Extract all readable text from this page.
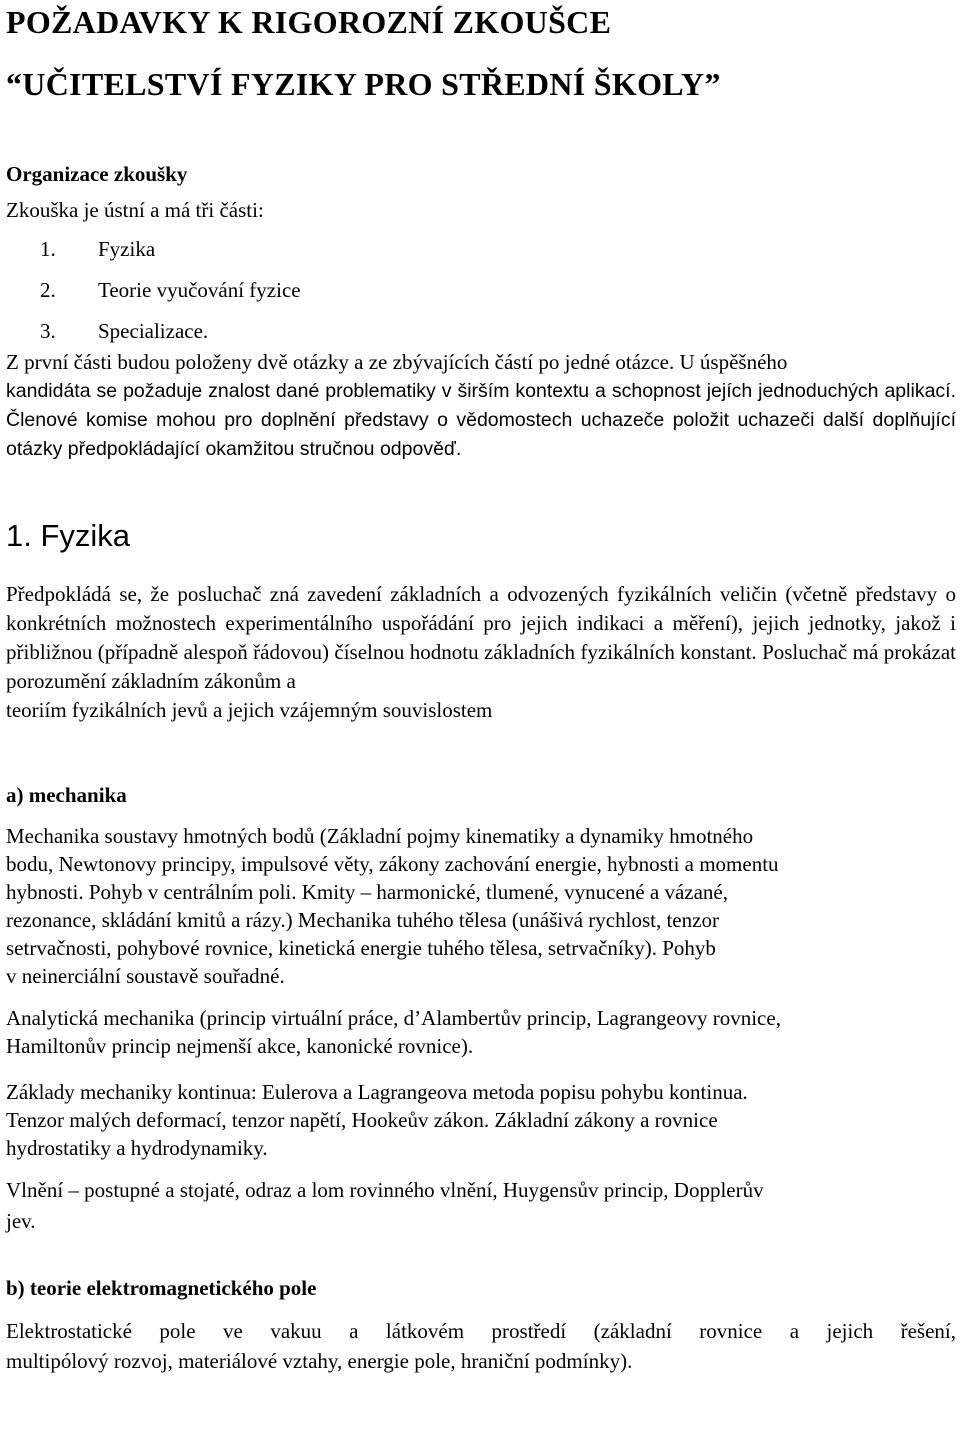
POŽADAVKY K RIGOROZNÍ ZKOUŠCE
“UČITELSTVÍ FYZIKY PRO STŘEDNÍ ŠKOLY”
Organizace zkoušky

Zkouška je ústní a má tři části:

1.	Fyzika
2.	Teorie vyučování fyzice
3.	Specializace.

Z první části budou položeny dvě otázky a ze zbývajících částí po jedné otázce. U úspěšného

kandidáta se požaduje znalost dané problematiky v širším kontextu a schopnost jejích jednoduchých aplikací. Členové komise mohou pro doplnění představy o vědomostech uchazeče položit uchazeči další doplňující otázky předpokládající okamžitou stručnou odpověď.

1. Fyzika

Předpokládá se, že posluchač zná zavedení základních a odvozených fyzikálních veličin (včetně představy o konkrétních možnostech experimentálního uspořádání pro jejich indikaci a měření), jejich jednotky, jakož i přibližnou (případně alespoň řádovou) číselnou hodnotu základních fyzikálních konstant. Posluchač má prokázat porozumění základním zákonům a

teoriím fyzikálních jevů a jejich vzájemným souvislostem

a) mechanika

Mechanika soustavy hmotných bodů (Základní pojmy kinematiky a dynamiky hmotného

bodu, Newtonovy principy, impulsové věty, zákony zachování energie, hybnosti a momentu

hybnosti. Pohyb v centrálním poli. Kmity – harmonické, tlumené, vynucené a vázané,

rezonance, skládání kmitů a rázy.) Mechanika tuhého tělesa (unášivá rychlost, tenzor

setrvačnosti, pohybové rovnice, kinetická energie tuhého tělesa, setrvačníky). Pohyb

v neinerciální soustavě souřadné.

Analytická mechanika (princip virtuální práce, d’Alambertův princip, Lagrangeovy rovnice,

Hamiltonův princip nejmenší akce, kanonické rovnice).

Základy mechaniky kontinua: Eulerova a Lagrangeova metoda popisu pohybu kontinua.

Tenzor malých deformací, tenzor napětí, Hookeův zákon. Základní zákony a rovnice

hydrostatiky a hydrodynamiky.

Vlnění – postupné a stojaté, odraz a lom rovinného vlnění, Huygensův princip, Dopplerův

jev.

b) teorie elektromagnetického pole

Elektrostatické pole ve vakuu a látkovém prostředí (základní rovnice a jejich řešení,

multipólový rozvoj, materiálové vztahy, energie pole, hraniční podmínky).
